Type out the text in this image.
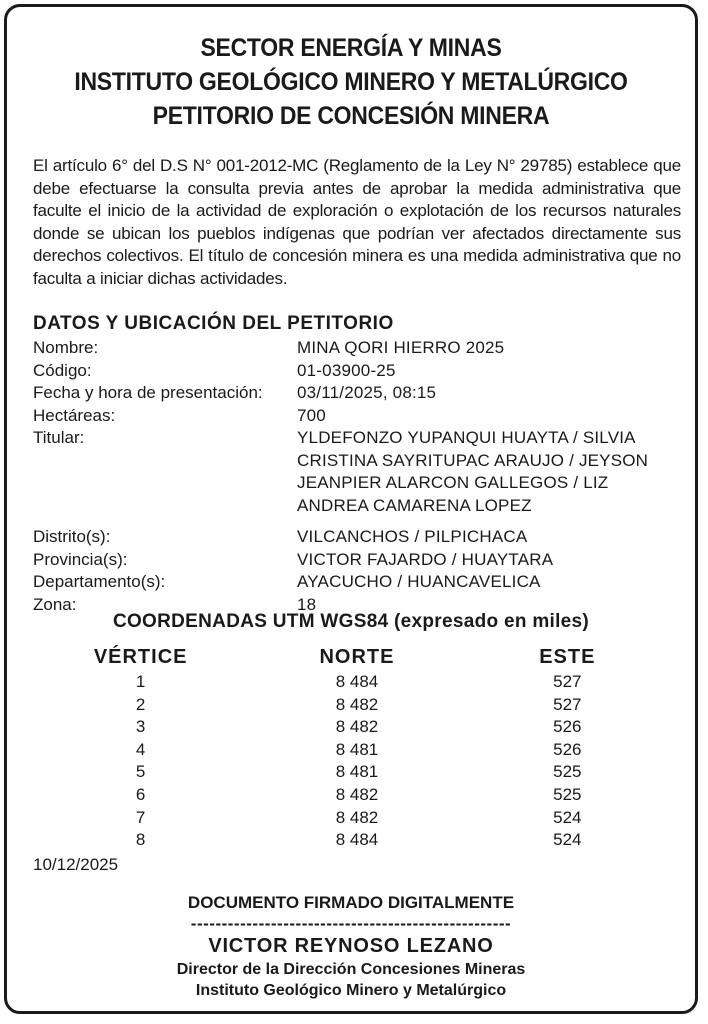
SECTOR ENERGÍA Y MINAS
INSTITUTO GEOLÓGICO MINERO Y METALÚRGICO
PETITORIO DE CONCESIÓN MINERA

El artículo 6° del D.S N° 001-2012-MC (Reglamento de la Ley N° 29785) establece que debe efectuarse la consulta previa antes de aprobar la medida administrativa que faculte el inicio de la actividad de exploración o explotación de los recursos naturales donde se ubican los pueblos indígenas que podrían ver afectados directamente sus derechos colectivos. El título de concesión minera es una medida administrativa que no faculta a iniciar dichas actividades.

DATOS Y UBICACIÓN DEL PETITORIO
Nombre:	MINA QORI HIERRO 2025
Código:	01-03900-25
Fecha y hora de presentación:	03/11/2025, 08:15
Hectáreas:	700
Titular:	YLDEFONZO YUPANQUI HUAYTA / SILVIA
CRISTINA SAYRITUPAC ARAUJO / JEYSON
JEANPIER ALARCON GALLEGOS / LIZ
ANDREA CAMARENA LOPEZ
Distrito(s):	VILCANCHOS / PILPICHACA
Provincia(s):	VICTOR FAJARDO / HUAYTARA
Departamento(s):	AYACUCHO / HUANCAVELICA
Zona:	18
COORDENADAS UTM WGS84 (expresado en miles)
VÉRTICE	NORTE	ESTE
1	8 484	527
2	8 482	527
3	8 482	526
4	8 481	526
5	8 481	525
6	8 482	525
7	8 482	524
8	8 484	524
10/12/2025
DOCUMENTO FIRMADO DIGITALMENTE
----------------------------------------------------
VICTOR REYNOSO LEZANO
Director de la Dirección Concesiones Mineras
Instituto Geológico Minero y Metalúrgico
